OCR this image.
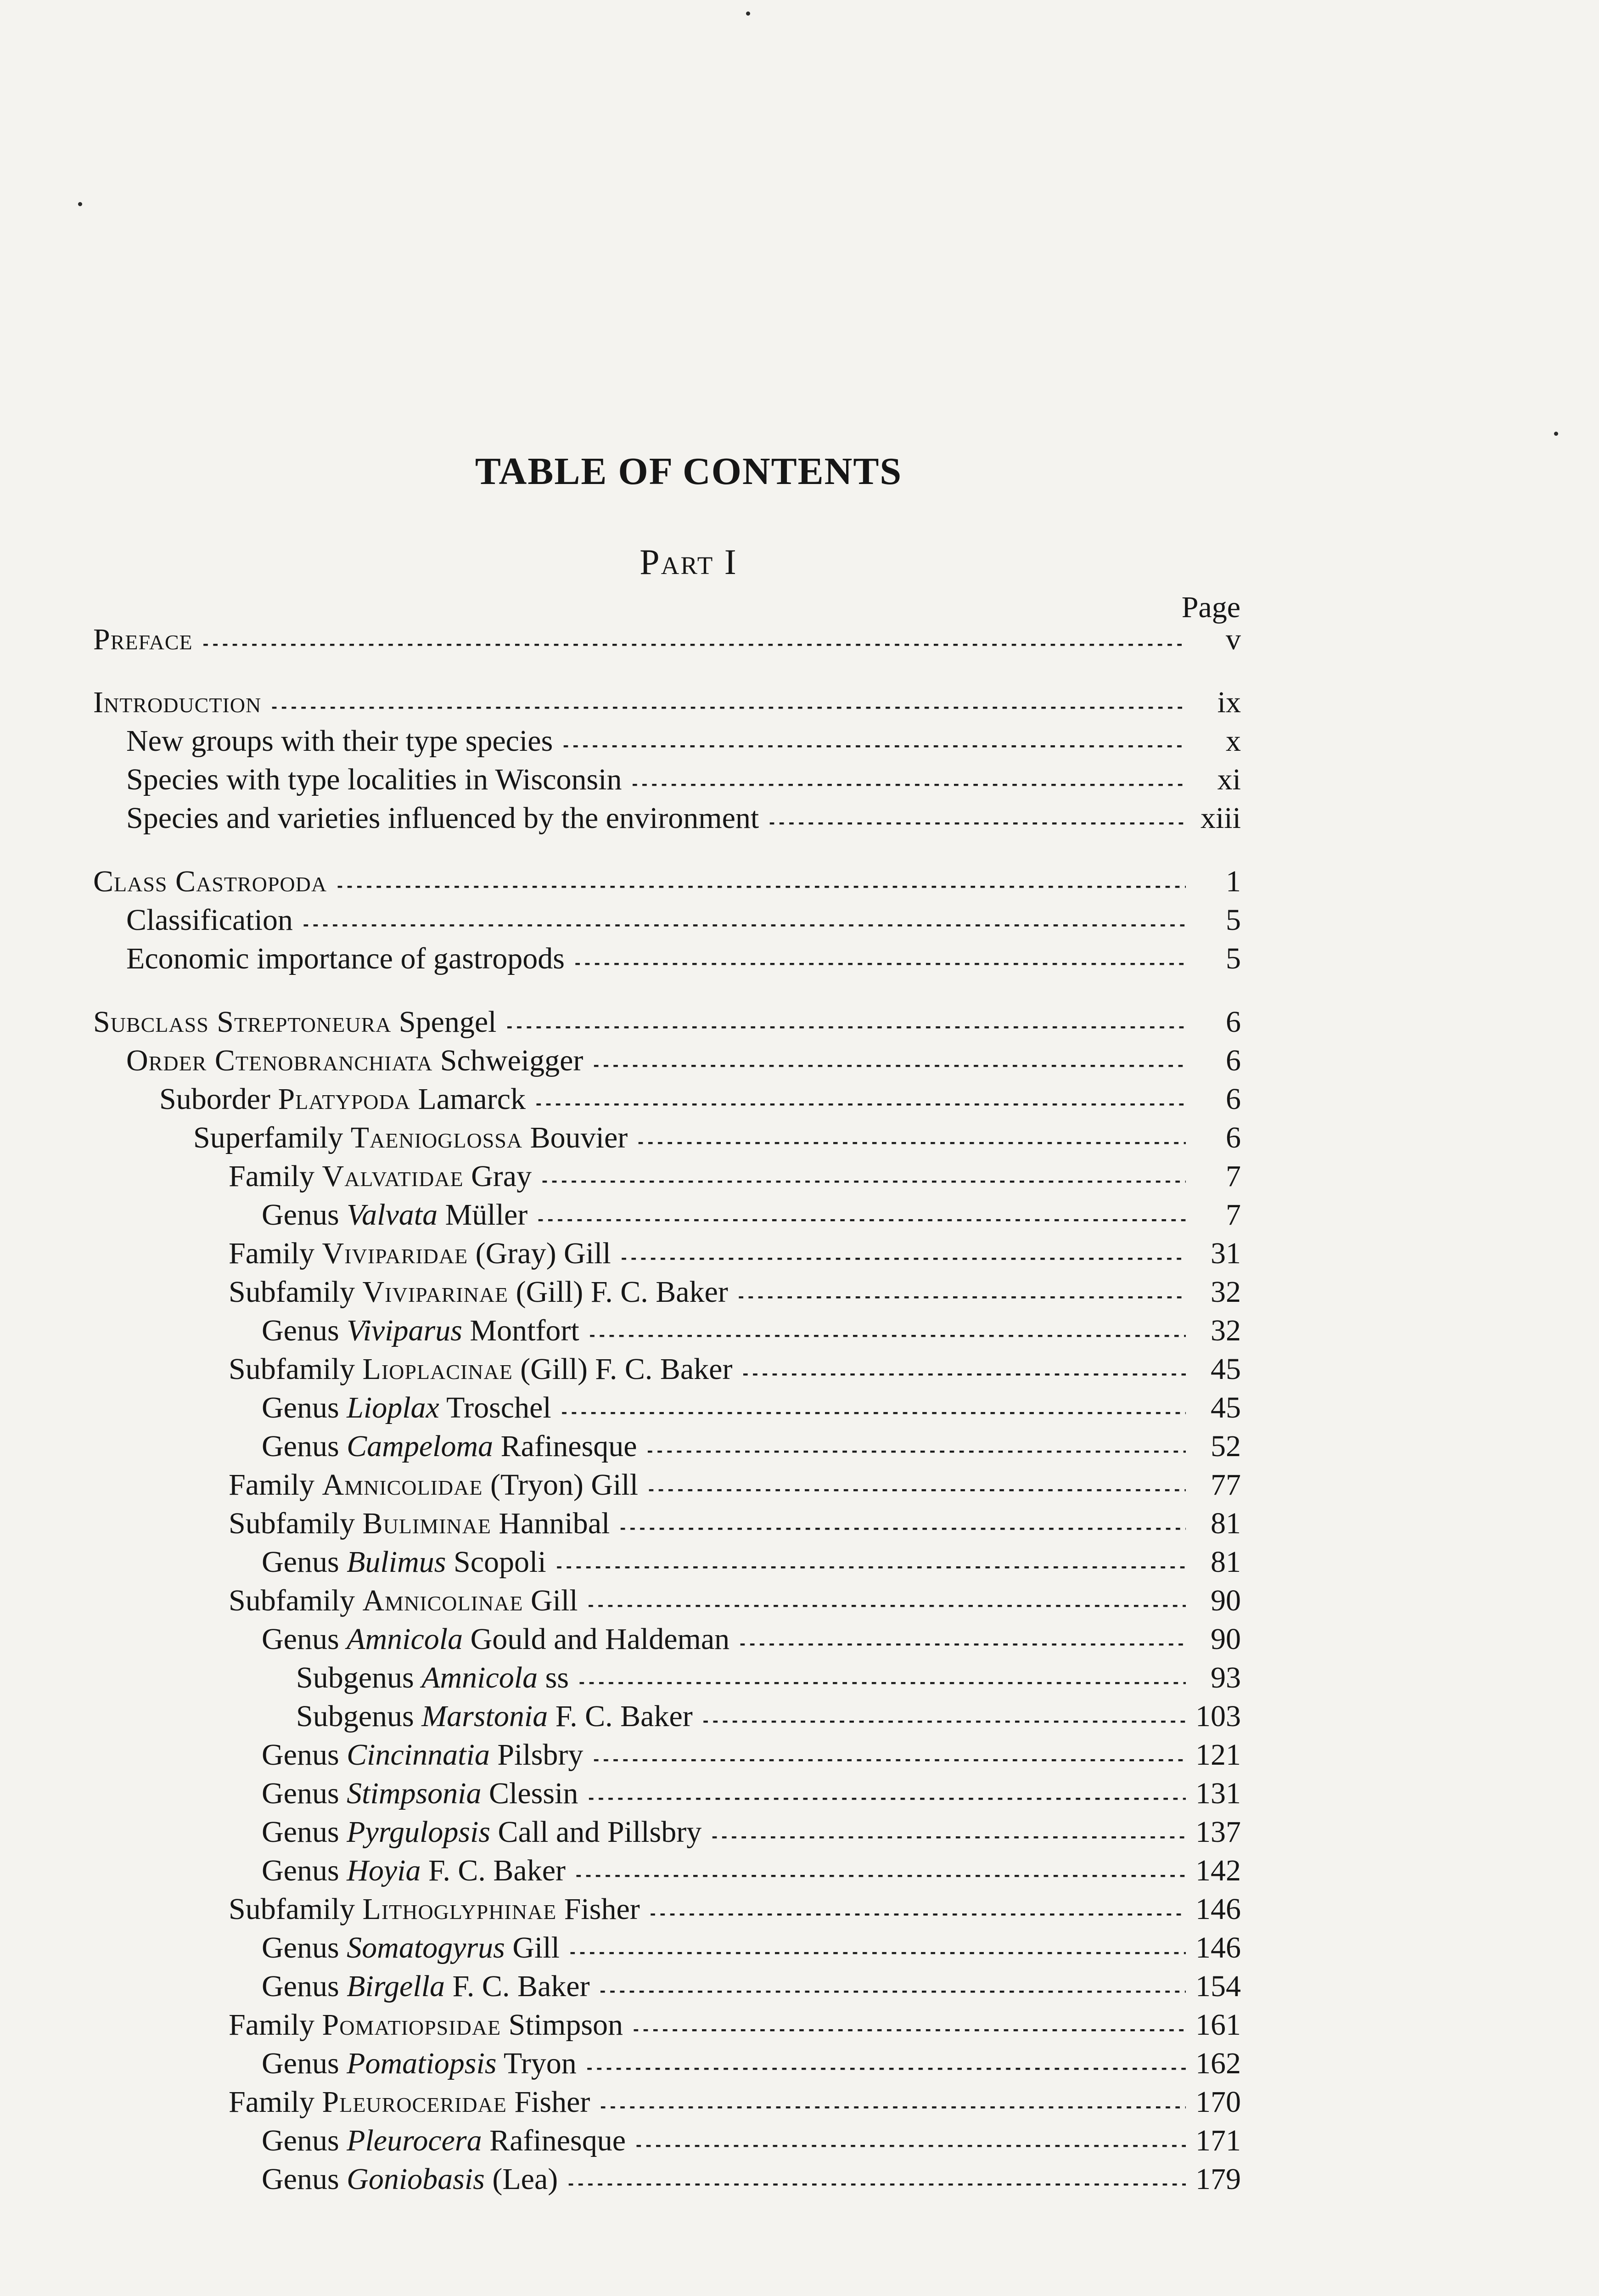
TABLE OF CONTENTS
Part I
Page
Preface - - -	v
Introduction - - -	ix
New groups with their type species - - -	x
Species with type localities in Wisconsin - - -	xi
Species and varieties influenced by the environment - - -	xiii
Class Castropoda - - -	1
Classification - - -	5
Economic importance of gastropods - - -	5
Subclass Streptoneura Spengel - - -	6
Order Ctenobranchiata Schweigger - - -	6
Suborder Platypoda Lamarck - - -	6
Superfamily Taenioglossa Bouvier - - -	6
Family Valvatidae Gray - - -	7
Genus Valvata Müller - - -	7
Family Viviparidae (Gray) Gill - - -	31
Subfamily Viviparinae (Gill) F. C. Baker - - -	32
Genus Viviparus Montfort - - -	32
Subfamily Lioplacinae (Gill) F. C. Baker - - -	45
Genus Lioplax Troschel - - -	45
Genus Campeloma Rafinesque - - -	52
Family Amnicolidae (Tryon) Gill - - -	77
Subfamily Buliminae Hannibal - - -	81
Genus Bulimus Scopoli - - -	81
Subfamily Amnicolinae Gill - - -	90
Genus Amnicola Gould and Haldeman - - -	90
Subgenus Amnicola ss - - -	93
Subgenus Marstonia F. C. Baker - - -	103
Genus Cincinnatia Pilsbry - - -	121
Genus Stimpsonia Clessin - - -	131
Genus Pyrgulopsis Call and Pillsbry - - -	137
Genus Hoyia F. C. Baker - - -	142
Subfamily Lithoglyphinae Fisher - - -	146
Genus Somatogyrus Gill - - -	146
Genus Birgella F. C. Baker - - -	154
Family Pomatiopsidae Stimpson - - -	161
Genus Pomatiopsis Tryon - - -	162
Family Pleuroceridae Fisher - - -	170
Genus Pleurocera Rafinesque - - -	171
Genus Goniobasis (Lea) - - -	179
